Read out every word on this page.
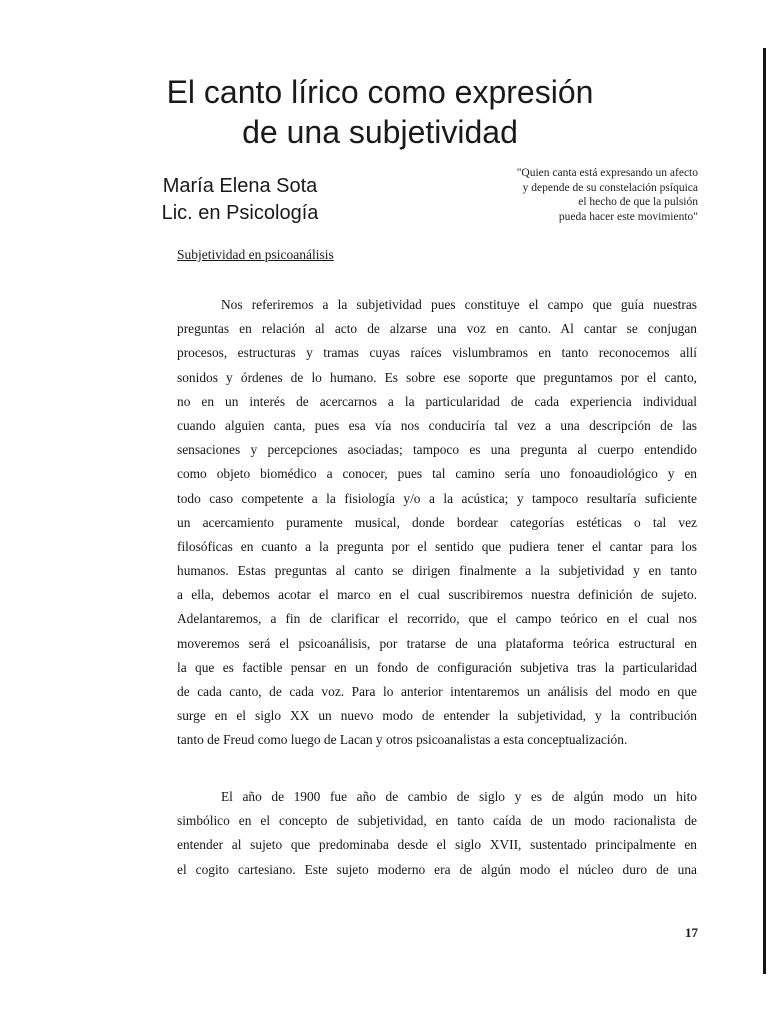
El canto lírico como expresión
de una subjetividad
María Elena Sota
Lic. en Psicología
"Quien canta está expresando un afecto
y depende de su constelación psíquica
el hecho de que la pulsión
pueda hacer este movimiento"
Subjetividad en psicoanálisis

Nos referiremos a la subjetividad pues constituye el campo que guía nuestras
preguntas en relación al acto de alzarse una voz en canto. Al cantar se conjugan
procesos, estructuras y tramas cuyas raíces vislumbramos en tanto reconocemos allí
sonidos y órdenes de lo humano. Es sobre ese soporte que preguntamos por el canto,
no en un interés de acercarnos a la particularidad de cada experiencia individual
cuando alguien canta, pues esa vía nos conduciría tal vez a una descripción de las
sensaciones y percepciones asociadas; tampoco es una pregunta al cuerpo entendido
como objeto biomédico a conocer, pues tal camino sería uno fonoaudiológico y en
todo caso competente a la fisiología y/o a la acústica; y tampoco resultaría suficiente
un acercamiento puramente musical, donde bordear categorías estéticas o tal vez
filosóficas en cuanto a la pregunta por el sentido que pudiera tener el cantar para los
humanos. Estas preguntas al canto se dirigen finalmente a la subjetividad y en tanto
a ella, debemos acotar el marco en el cual suscribiremos nuestra definición de sujeto.
Adelantaremos, a fin de clarificar el recorrido, que el campo teórico en el cual nos
moveremos será el psicoanálisis, por tratarse de una plataforma teórica estructural en
la que es factible pensar en un fondo de configuración subjetiva tras la particularidad
de cada canto, de cada voz. Para lo anterior intentaremos un análisis del modo en que
surge en el siglo XX un nuevo modo de entender la subjetividad, y la contribución
tanto de Freud como luego de Lacan y otros psicoanalistas a esta conceptualización.

El año de 1900 fue año de cambio de siglo y es de algún modo un hito
simbólico en el concepto de subjetividad, en tanto caída de un modo racionalista de
entender al sujeto que predominaba desde el siglo XVII, sustentado principalmente en
el cogito cartesiano. Este sujeto moderno era de algún modo el núcleo duro de una

17
